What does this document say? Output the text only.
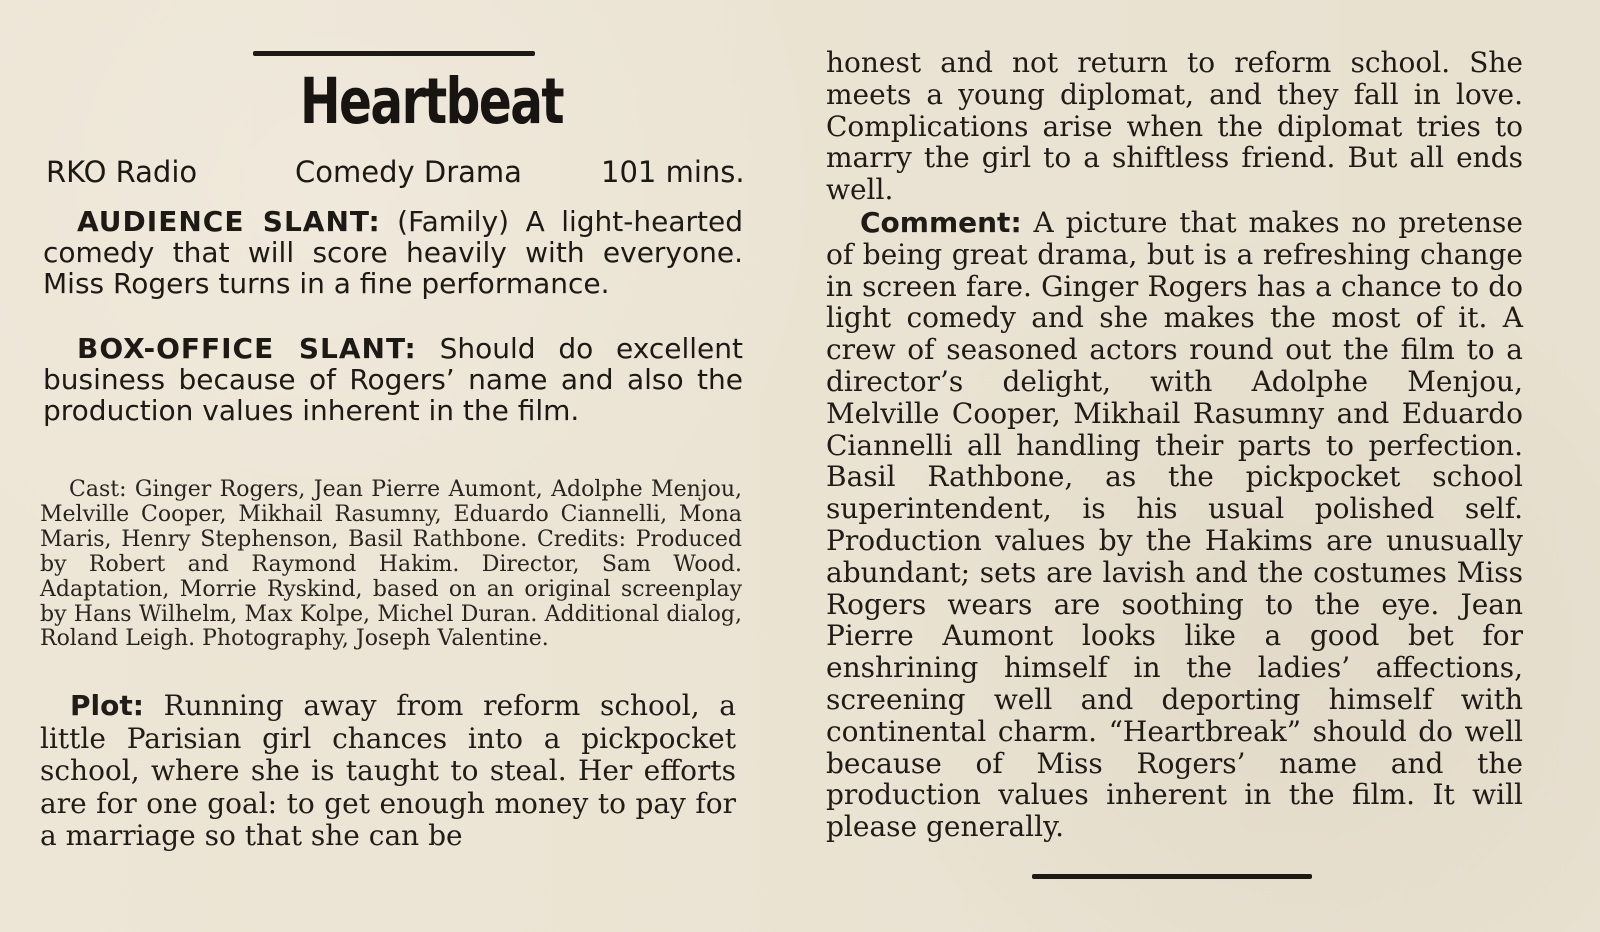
Heartbeat
RKO Radio	Comedy Drama	101 mins.
AUDIENCE SLANT: (Family) A light-hearted comedy that will score heavily with everyone. Miss Rogers turns in a fine performance.
BOX-OFFICE SLANT: Should do excellent business because of Rogers’ name and also the production values inherent in the film.
Cast: Ginger Rogers, Jean Pierre Aumont, Adolphe Menjou, Melville Cooper, Mikhail Rasumny, Eduardo Ciannelli, Mona Maris, Henry Stephenson, Basil Rathbone. Credits: Produced by Robert and Raymond Hakim. Director, Sam Wood. Adaptation, Morrie Ryskind, based on an original screenplay by Hans Wilhelm, Max Kolpe, Michel Duran. Additional dialog, Roland Leigh. Photography, Joseph Valentine.
Plot: Running away from reform school, a little Parisian girl chances into a pickpocket school, where she is taught to steal. Her efforts are for one goal: to get enough money to pay for a marriage so that she can be
honest and not return to reform school. She meets a young diplomat, and they fall in love. Complications arise when the diplomat tries to marry the girl to a shiftless friend. But all ends well.
Comment: A picture that makes no pretense of being great drama, but is a refreshing change in screen fare. Ginger Rogers has a chance to do light comedy and she makes the most of it. A crew of seasoned actors round out the film to a director’s delight, with Adolphe Menjou, Melville Cooper, Mikhail Rasumny and Eduardo Ciannelli all handling their parts to perfection. Basil Rathbone, as the pickpocket school superintendent, is his usual polished self. Production values by the Hakims are unusually abundant; sets are lavish and the costumes Miss Rogers wears are soothing to the eye. Jean Pierre Aumont looks like a good bet for enshrining himself in the ladies’ affections, screening well and deporting himself with continental charm. “Heartbreak” should do well because of Miss Rogers’ name and the production values inherent in the film. It will please generally.
